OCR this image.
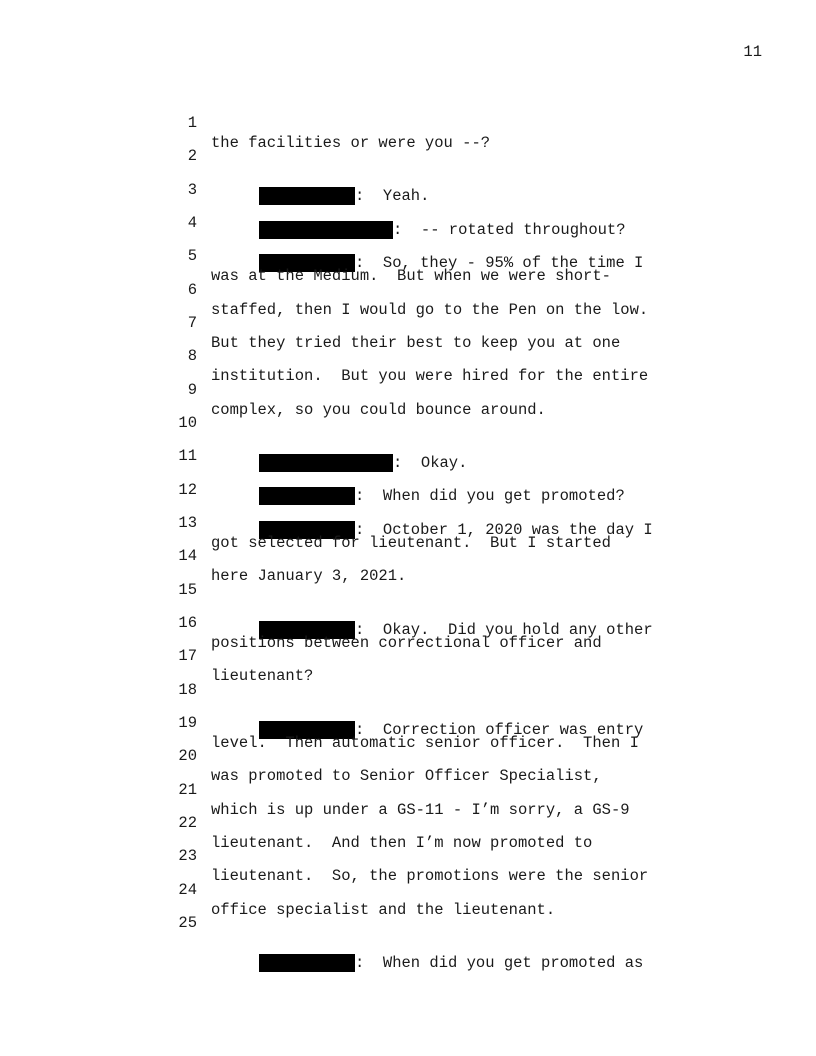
11

1

the facilities or were you --?

2

:  Yeah.

3

:  -- rotated throughout?

4

:  So, they - 95% of the time I

5

was at the Medium.  But when we were short-

6

staffed, then I would go to the Pen on the low.

7

But they tried their best to keep you at one

8

institution.  But you were hired for the entire

9

complex, so you could bounce around.

10

:  Okay.

11

:  When did you get promoted?

12

:  October 1, 2020 was the day I

13

got selected for lieutenant.  But I started

14

here January 3, 2021.

15

:  Okay.  Did you hold any other

16

positions between correctional officer and

17

lieutenant?

18

:  Correction officer was entry

19

level.  Then automatic senior officer.  Then I

20

was promoted to Senior Officer Specialist,

21

which is up under a GS-11 - I’m sorry, a GS-9

22

lieutenant.  And then I’m now promoted to

23

lieutenant.  So, the promotions were the senior

24

office specialist and the lieutenant.

25

:  When did you get promoted as
